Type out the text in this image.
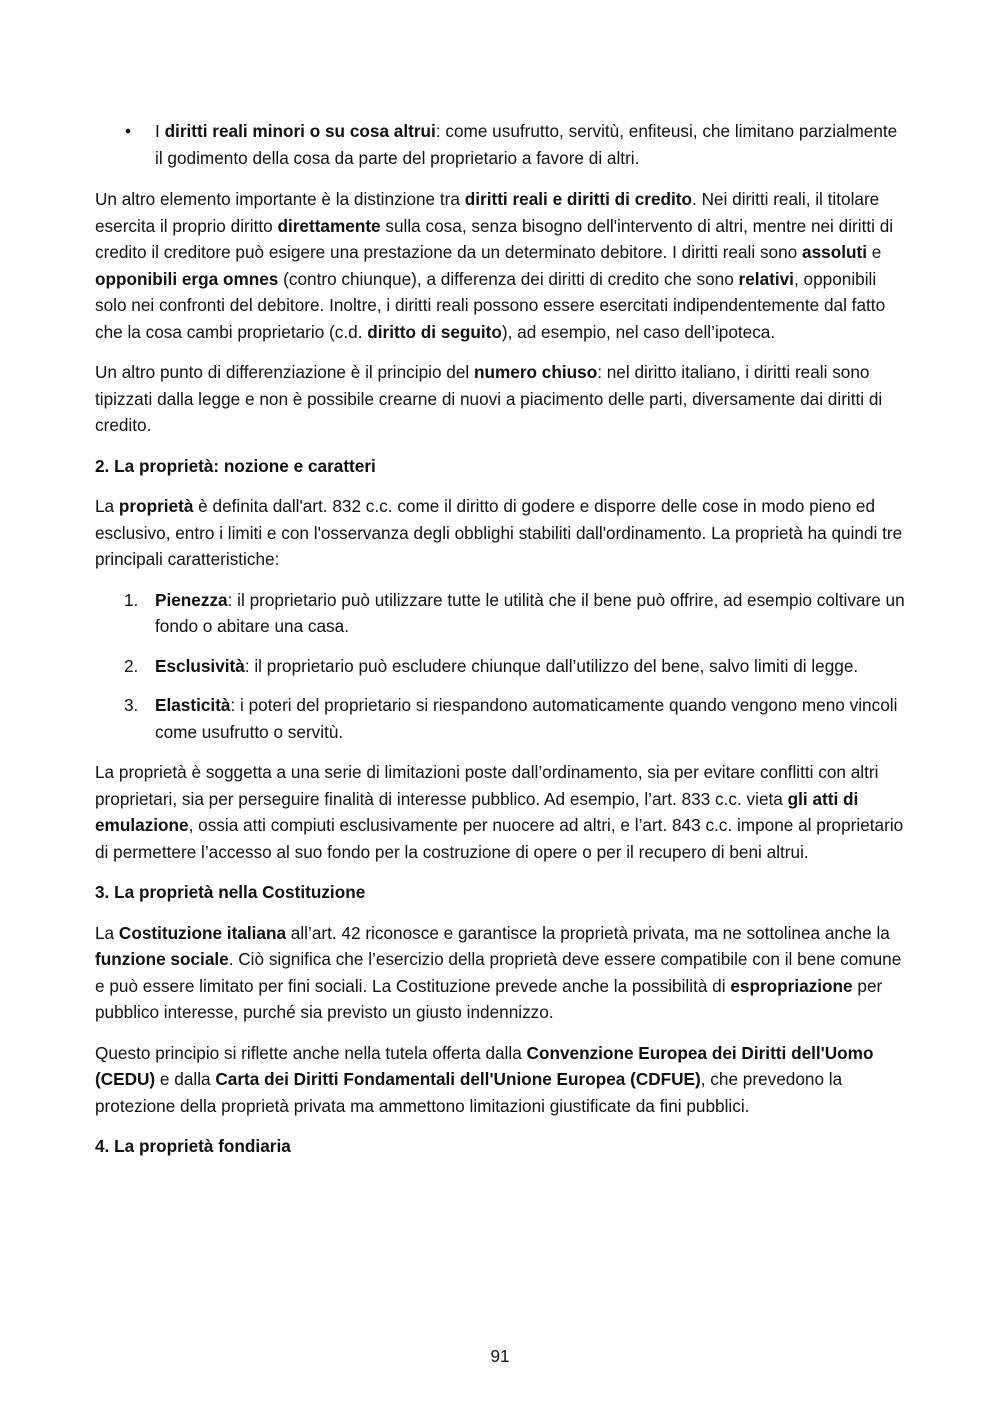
• I diritti reali minori o su cosa altrui: come usufrutto, servitù, enfiteusi, che limitano parzialmente il godimento della cosa da parte del proprietario a favore di altri.

Un altro elemento importante è la distinzione tra diritti reali e diritti di credito. Nei diritti reali, il titolare esercita il proprio diritto direttamente sulla cosa, senza bisogno dell'intervento di altri, mentre nei diritti di credito il creditore può esigere una prestazione da un determinato debitore. I diritti reali sono assoluti e opponibili erga omnes (contro chiunque), a differenza dei diritti di credito che sono relativi, opponibili solo nei confronti del debitore. Inoltre, i diritti reali possono essere esercitati indipendentemente dal fatto che la cosa cambi proprietario (c.d. diritto di seguito), ad esempio, nel caso dell’ipoteca.

Un altro punto di differenziazione è il principio del numero chiuso: nel diritto italiano, i diritti reali sono tipizzati dalla legge e non è possibile crearne di nuovi a piacimento delle parti, diversamente dai diritti di credito.

2. La proprietà: nozione e caratteri

La proprietà è definita dall'art. 832 c.c. come il diritto di godere e disporre delle cose in modo pieno ed esclusivo, entro i limiti e con l'osservanza degli obblighi stabiliti dall'ordinamento. La proprietà ha quindi tre principali caratteristiche:

1. Pienezza: il proprietario può utilizzare tutte le utilità che il bene può offrire, ad esempio coltivare un fondo o abitare una casa.
2. Esclusività: il proprietario può escludere chiunque dall’utilizzo del bene, salvo limiti di legge.
3. Elasticità: i poteri del proprietario si riespandono automaticamente quando vengono meno vincoli come usufrutto o servitù.

La proprietà è soggetta a una serie di limitazioni poste dall’ordinamento, sia per evitare conflitti con altri proprietari, sia per perseguire finalità di interesse pubblico. Ad esempio, l’art. 833 c.c. vieta gli atti di emulazione, ossia atti compiuti esclusivamente per nuocere ad altri, e l’art. 843 c.c. impone al proprietario di permettere l’accesso al suo fondo per la costruzione di opere o per il recupero di beni altrui.

3. La proprietà nella Costituzione

La Costituzione italiana all’art. 42 riconosce e garantisce la proprietà privata, ma ne sottolinea anche la funzione sociale. Ciò significa che l’esercizio della proprietà deve essere compatibile con il bene comune e può essere limitato per fini sociali. La Costituzione prevede anche la possibilità di espropriazione per pubblico interesse, purché sia previsto un giusto indennizzo.

Questo principio si riflette anche nella tutela offerta dalla Convenzione Europea dei Diritti dell'Uomo (CEDU) e dalla Carta dei Diritti Fondamentali dell'Unione Europea (CDFUE), che prevedono la protezione della proprietà privata ma ammettono limitazioni giustificate da fini pubblici.

4. La proprietà fondiaria
91
